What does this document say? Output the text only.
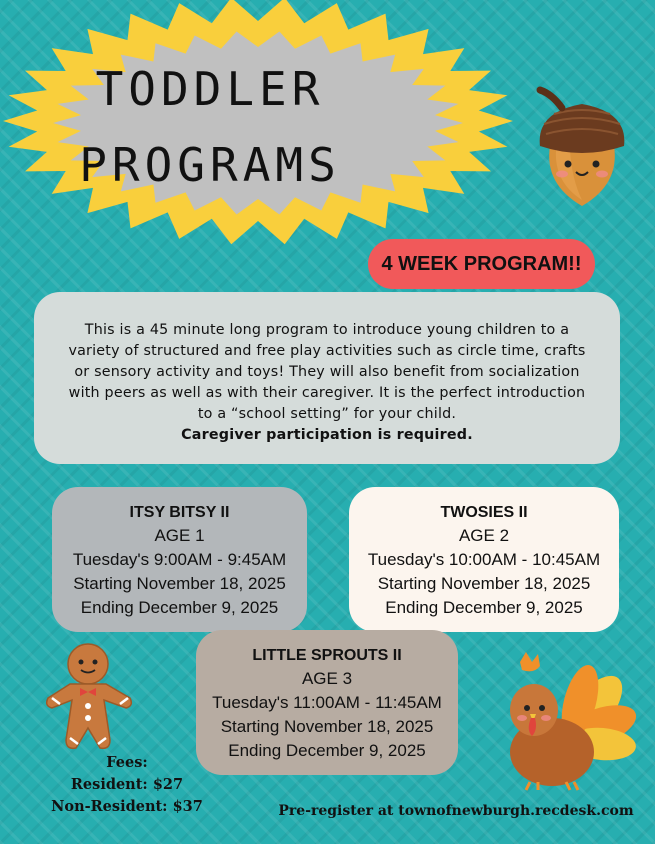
TODDLER
PROGRAMS
4 WEEK PROGRAM!!
This is a 45 minute long program to introduce young children to a
variety of structured and free play activities such as circle time, crafts
or sensory activity and toys! They will also benefit from socialization
with peers as well as with their caregiver. It is the perfect introduction
to a “school setting” for your child.
Caregiver participation is required.
ITSY BITSY II
AGE 1
Tuesday's 9:00AM - 9:45AM
Starting November 18, 2025
Ending December 9, 2025
TWOSIES II
AGE 2
Tuesday's 10:00AM - 10:45AM
Starting November 18, 2025
Ending December 9, 2025
LITTLE SPROUTS II
AGE 3
Tuesday's 11:00AM - 11:45AM
Starting November 18, 2025
Ending December 9, 2025
Fees:
Resident: $27
Non-Resident: $37	Pre-register at townofnewburgh.recdesk.com
